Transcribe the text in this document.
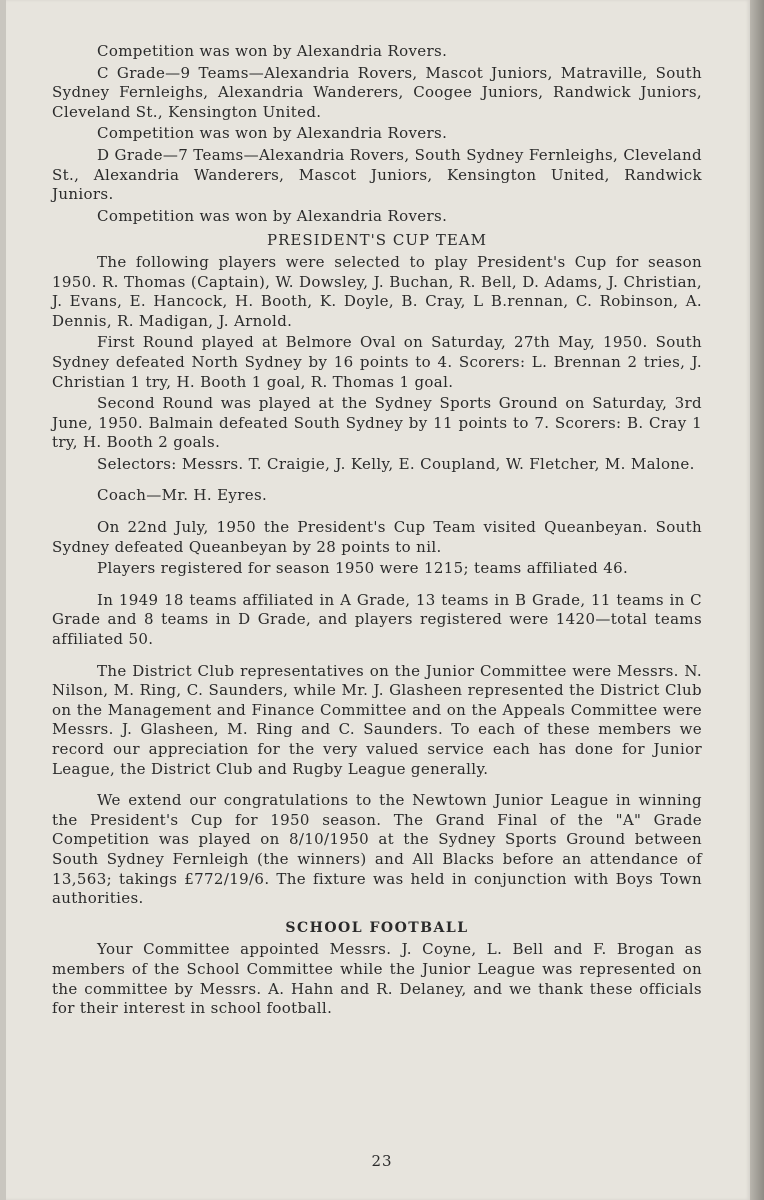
Competition was won by Alexandria Rovers.

C Grade—9 Teams—Alexandria Rovers, Mascot Juniors, Matraville, South Sydney Fernleighs, Alexandria Wanderers, Coogee Juniors, Randwick Juniors, Cleveland St., Kensington United.

Competition was won by Alexandria Rovers.

D Grade—7 Teams—Alexandria Rovers, South Sydney Fernleighs, Cleveland St., Alexandria Wanderers, Mascot Juniors, Kensington United, Randwick Juniors.

Competition was won by Alexandria Rovers.

PRESIDENT'S CUP TEAM

The following players were selected to play President's Cup for season 1950. R. Thomas (Captain), W. Dowsley, J. Buchan, R. Bell, D. Adams, J. Christian, J. Evans, E. Hancock, H. Booth, K. Doyle, B. Cray, L B.rennan, C. Robinson, A. Dennis, R. Madigan, J. Arnold.

First Round played at Belmore Oval on Saturday, 27th May, 1950. South Sydney defeated North Sydney by 16 points to 4. Scorers: L. Brennan 2 tries, J. Christian 1 try, H. Booth 1 goal, R. Thomas 1 goal.

Second Round was played at the Sydney Sports Ground on Saturday, 3rd June, 1950. Balmain defeated South Sydney by 11 points to 7. Scorers: B. Cray 1 try, H. Booth 2 goals.

Selectors: Messrs. T. Craigie, J. Kelly, E. Coupland, W. Fletcher, M. Malone.

Coach—Mr. H. Eyres.

On 22nd July, 1950 the President's Cup Team visited Queanbeyan. South Sydney defeated Queanbeyan by 28 points to nil.

Players registered for season 1950 were 1215; teams affiliated 46.

In 1949 18 teams affiliated in A Grade, 13 teams in B Grade, 11 teams in C Grade and 8 teams in D Grade, and players registered were 1420—total teams affiliated 50.

The District Club representatives on the Junior Committee were Messrs. N. Nilson, M. Ring, C. Saunders, while Mr. J. Glasheen represented the District Club on the Management and Finance Committee and on the Appeals Committee were Messrs. J. Glasheen, M. Ring and C. Saunders. To each of these members we record our appreciation for the very valued service each has done for Junior League, the District Club and Rugby League generally.

We extend our congratulations to the Newtown Junior League in winning the President's Cup for 1950 season. The Grand Final of the "A" Grade Competition was played on 8/10/1950 at the Sydney Sports Ground between South Sydney Fernleigh (the winners) and All Blacks before an attendance of 13,563; takings £772/19/6. The fixture was held in conjunction with Boys Town authorities.

SCHOOL FOOTBALL

Your Committee appointed Messrs. J. Coyne, L. Bell and F. Brogan as members of the School Committee while the Junior League was represented on the committee by Messrs. A. Hahn and R. Delaney, and we thank these officials for their interest in school football.

23
